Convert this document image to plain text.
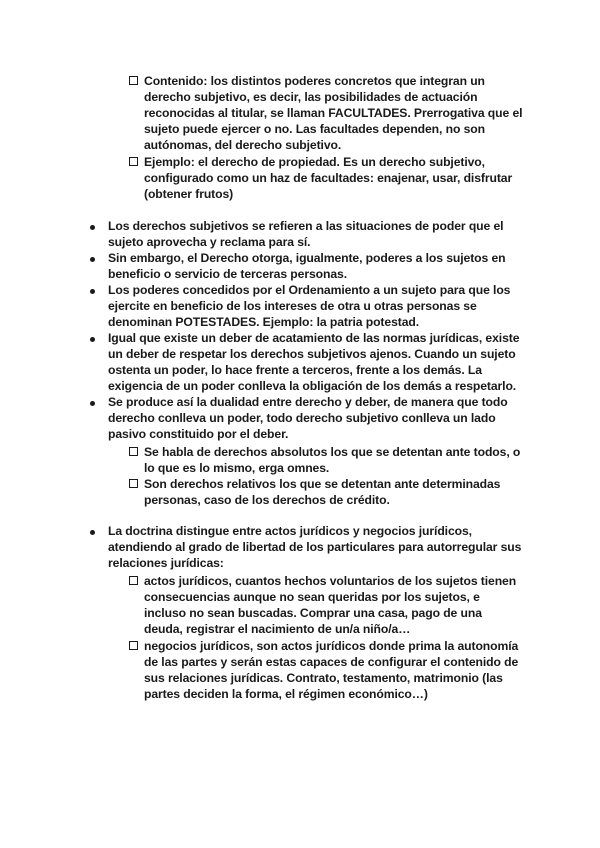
Contenido: los distintos poderes concretos que integran un
derecho subjetivo, es decir, las posibilidades de actuación
reconocidas al titular, se llaman FACULTADES. Prerrogativa que el
sujeto puede ejercer o no. Las facultades dependen, no son
autónomas, del derecho subjetivo.
Ejemplo: el derecho de propiedad. Es un derecho subjetivo,
configurado como un haz de facultades: enajenar, usar, disfrutar
(obtener frutos)
Los derechos subjetivos se refieren a las situaciones de poder que el
sujeto aprovecha y reclama para sí.
Sin embargo, el Derecho otorga, igualmente, poderes a los sujetos en
beneficio o servicio de terceras personas.
Los poderes concedidos por el Ordenamiento a un sujeto para que los
ejercite en beneficio de los intereses de otra u otras personas se
denominan POTESTADES. Ejemplo: la patria potestad.
Igual que existe un deber de acatamiento de las normas jurídicas, existe
un deber de respetar los derechos subjetivos ajenos. Cuando un sujeto
ostenta un poder, lo hace frente a terceros, frente a los demás. La
exigencia de un poder conlleva la obligación de los demás a respetarlo.
Se produce así la dualidad entre derecho y deber, de manera que todo
derecho conlleva un poder, todo derecho subjetivo conlleva un lado
pasivo constituido por el deber.
Se habla de derechos absolutos los que se detentan ante todos, o
lo que es lo mismo, erga omnes.
Son derechos relativos los que se detentan ante determinadas
personas, caso de los derechos de crédito.
La doctrina distingue entre actos jurídicos y negocios jurídicos,
atendiendo al grado de libertad de los particulares para autorregular sus
relaciones jurídicas:
actos jurídicos, cuantos hechos voluntarios de los sujetos tienen
consecuencias aunque no sean queridas por los sujetos, e
incluso no sean buscadas. Comprar una casa, pago de una
deuda, registrar el nacimiento de un/a niño/a…
negocios jurídicos, son actos jurídicos donde prima la autonomía
de las partes y serán estas capaces de configurar el contenido de
sus relaciones jurídicas. Contrato, testamento, matrimonio (las
partes deciden la forma, el régimen económico…)
